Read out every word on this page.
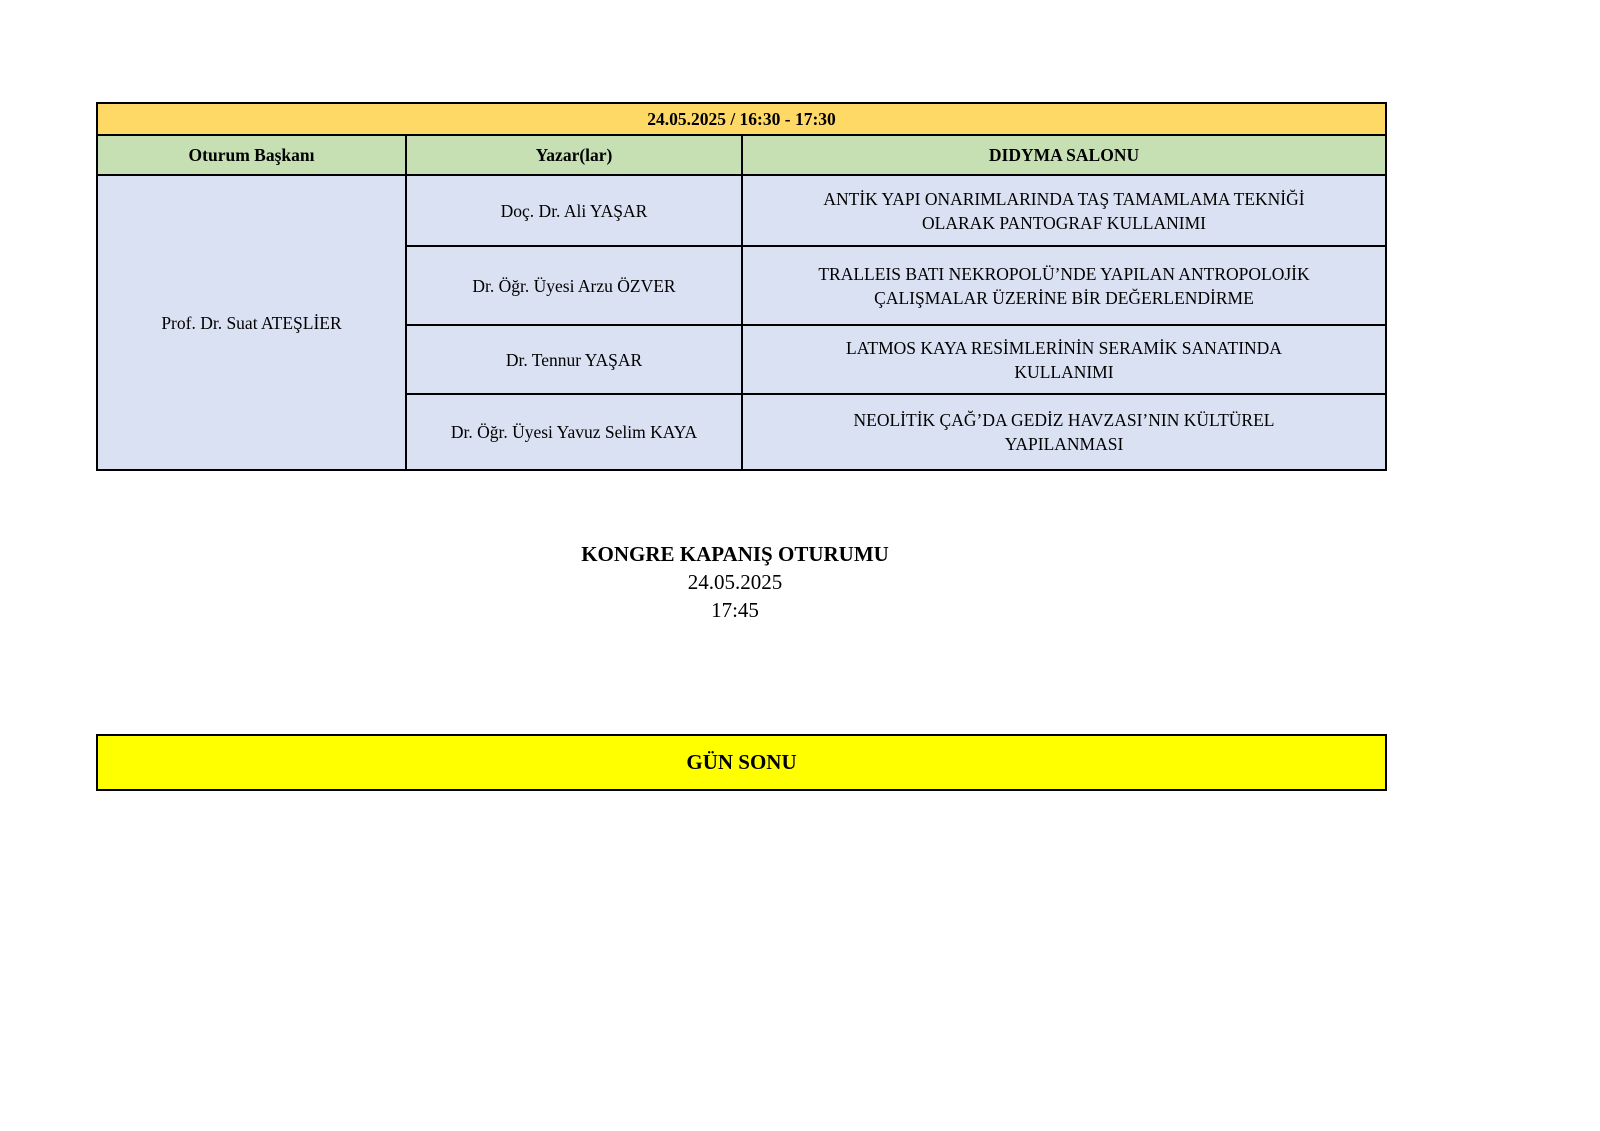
24.05.2025 / 16:30 - 17:30		
Oturum Başkanı	Yazar(lar)	DIDYMA SALONU
Prof. Dr. Suat ATEŞLİER	Doç. Dr. Ali YAŞAR	ANTİK YAPI ONARIMLARINDA TAŞ TAMAMLAMA TEKNİĞİ
OLARAK PANTOGRAF KULLANIMI

	Dr. Öğr. Üyesi Arzu ÖZVER	TRALLEIS BATI NEKROPOLÜ’NDE YAPILAN ANTROPOLOJİK
ÇALIŞMALAR ÜZERİNE BİR DEĞERLENDİRME

	Dr. Tennur YAŞAR	LATMOS KAYA RESİMLERİNİN SERAMİK SANATINDA
KULLANIMI

	Dr. Öğr. Üyesi Yavuz Selim KAYA	NEOLİTİK ÇAĞ’DA GEDİZ HAVZASI’NIN KÜLTÜREL
YAPILANMASI
KONGRE KAPANIŞ OTURUMU
24.05.2025
17:45
GÜN SONU
